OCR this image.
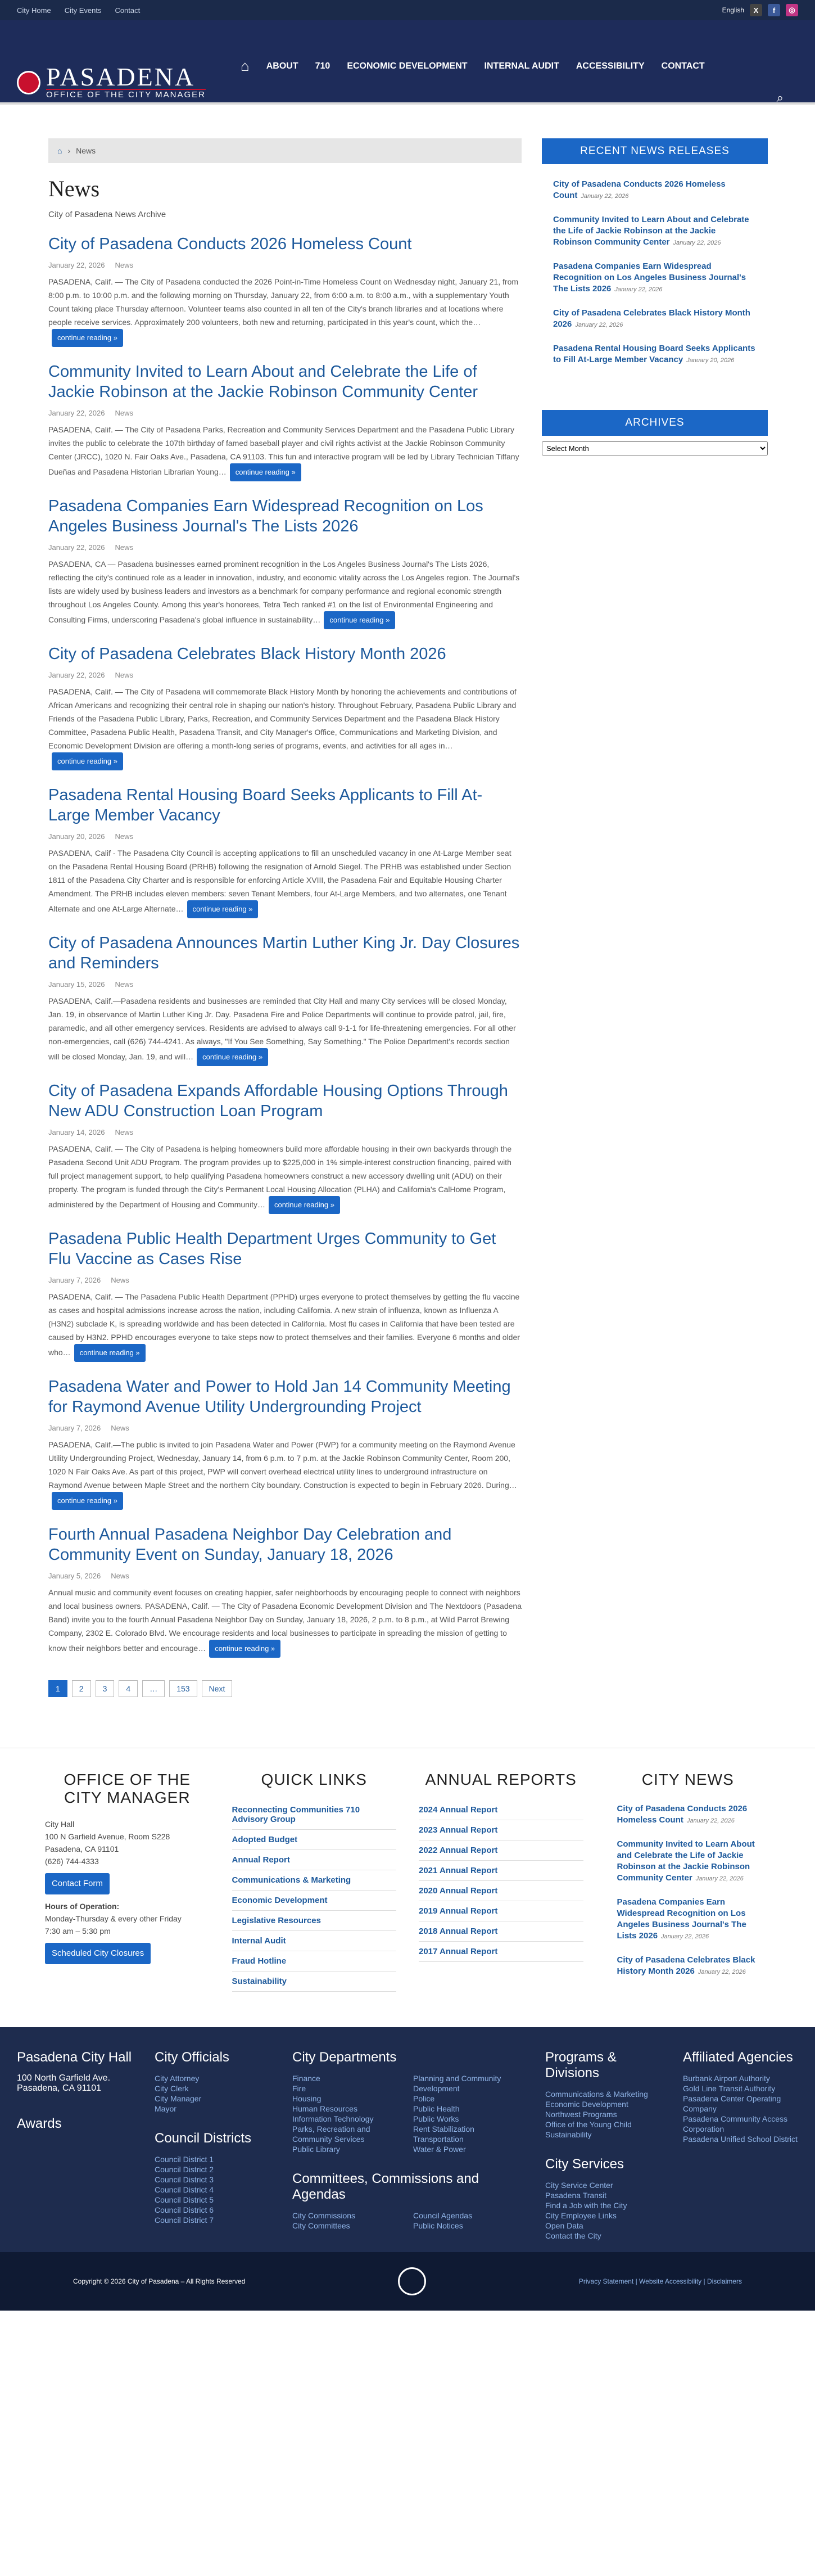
City Home City Events Contact	English	X	f	◎
PASADENA
OFFICE OF THE CITY MANAGER
⌂ ABOUT 710 ECONOMIC DEVELOPMENT INTERNAL AUDIT ACCESSIBILITY CONTACT
⌕
⌂ › News
News
City of Pasadena News Archive
City of Pasadena Conducts 2026 Homeless Count
January 22, 2026 News

PASADENA, Calif. — The City of Pasadena conducted the 2026 Point-in-Time Homeless Count on Wednesday night, January 21, from 8:00 p.m. to 10:00 p.m. and the following morning on Thursday, January 22, from 6:00 a.m. to 8:00 a.m., with a supplementary Youth Count taking place Thursday afternoon. Volunteer teams also counted in all ten of the City's branch libraries and at locations where people receive services. Approximately 200 volunteers, both new and returning, participated in this year's count, which the…continue reading »

Community Invited to Learn About and Celebrate the Life of Jackie Robinson at the Jackie Robinson Community Center
January 22, 2026 News

PASADENA, Calif. — The City of Pasadena Parks, Recreation and Community Services Department and the Pasadena Public Library invites the public to celebrate the 107th birthday of famed baseball player and civil rights activist at the Jackie Robinson Community Center (JRCC), 1020 N. Fair Oaks Ave., Pasadena, CA 91103. This fun and interactive program will be led by Library Technician Tiffany Dueñas and Pasadena Historian Librarian Young… continue reading »

Pasadena Companies Earn Widespread Recognition on Los Angeles Business Journal's The Lists 2026
January 22, 2026 News

PASADENA, CA — Pasadena businesses earned prominent recognition in the Los Angeles Business Journal's The Lists 2026, reflecting the city's continued role as a leader in innovation, industry, and economic vitality across the Los Angeles region. The Journal's lists are widely used by business leaders and investors as a benchmark for company performance and regional economic strength throughout Los Angeles County. Among this year's honorees, Tetra Tech ranked #1 on the list of Environmental Engineering and Consulting Firms, underscoring Pasadena's global influence in sustainability… continue reading »

City of Pasadena Celebrates Black History Month 2026
January 22, 2026 News

PASADENA, Calif. — The City of Pasadena will commemorate Black History Month by honoring the achievements and contributions of African Americans and recognizing their central role in shaping our nation's history. Throughout February, Pasadena Public Library and Friends of the Pasadena Public Library, Parks, Recreation, and Community Services Department and the Pasadena Black History Committee, Pasadena Public Health, Pasadena Transit, and City Manager's Office, Communications and Marketing Division, and Economic Development Division are offering a month-long series of programs, events, and activities for all ages in…continue reading »

Pasadena Rental Housing Board Seeks Applicants to Fill At-Large Member Vacancy
January 20, 2026 News

PASADENA, Calif - The Pasadena City Council is accepting applications to fill an unscheduled vacancy in one At-Large Member seat on the Pasadena Rental Housing Board (PRHB) following the resignation of Arnold Siegel. The PRHB was established under Section 1811 of the Pasadena City Charter and is responsible for enforcing Article XVIII, the Pasadena Fair and Equitable Housing Charter Amendment. The PRHB includes eleven members: seven Tenant Members, four At-Large Members, and two alternates, one Tenant Alternate and one At-Large Alternate… continue reading »

City of Pasadena Announces Martin Luther King Jr. Day Closures and Reminders
January 15, 2026 News

PASADENA, Calif.—Pasadena residents and businesses are reminded that City Hall and many City services will be closed Monday, Jan. 19, in observance of Martin Luther King Jr. Day. Pasadena Fire and Police Departments will continue to provide patrol, jail, fire, paramedic, and all other emergency services. Residents are advised to always call 9-1-1 for life-threatening emergencies. For all other non-emergencies, call (626) 744-4241. As always, "If You See Something, Say Something." The Police Department's records section will be closed Monday, Jan. 19, and will… continue reading »

City of Pasadena Expands Affordable Housing Options Through New ADU Construction Loan Program
January 14, 2026 News

PASADENA, Calif. — The City of Pasadena is helping homeowners build more affordable housing in their own backyards through the Pasadena Second Unit ADU Program. The program provides up to $225,000 in 1% simple-interest construction financing, paired with full project management support, to help qualifying Pasadena homeowners construct a new accessory dwelling unit (ADU) on their property. The program is funded through the City's Permanent Local Housing Allocation (PLHA) and California's CalHome Program, administered by the Department of Housing and Community… continue reading »

Pasadena Public Health Department Urges Community to Get Flu Vaccine as Cases Rise
January 7, 2026 News

PASADENA, Calif. — The Pasadena Public Health Department (PPHD) urges everyone to protect themselves by getting the flu vaccine as cases and hospital admissions increase across the nation, including California. A new strain of influenza, known as Influenza A (H3N2) subclade K, is spreading worldwide and has been detected in California. Most flu cases in California that have been tested are caused by H3N2. PPHD encourages everyone to take steps now to protect themselves and their families. Everyone 6 months and older who… continue reading »

Pasadena Water and Power to Hold Jan 14 Community Meeting for Raymond Avenue Utility Undergrounding Project
January 7, 2026 News

PASADENA, Calif.—The public is invited to join Pasadena Water and Power (PWP) for a community meeting on the Raymond Avenue Utility Undergrounding Project, Wednesday, January 14, from 6 p.m. to 7 p.m. at the Jackie Robinson Community Center, Room 200, 1020 N Fair Oaks Ave. As part of this project, PWP will convert overhead electrical utility lines to underground infrastructure on Raymond Avenue between Maple Street and the northern City boundary. Construction is expected to begin in February 2026. During…continue reading »

Fourth Annual Pasadena Neighbor Day Celebration and Community Event on Sunday, January 18, 2026
January 5, 2026 News

Annual music and community event focuses on creating happier, safer neighborhoods by encouraging people to connect with neighbors and local business owners. PASADENA, Calif. — The City of Pasadena Economic Development Division and The Nextdoors (Pasadena Band) invite you to the fourth Annual Pasadena Neighbor Day on Sunday, January 18, 2026, 2 p.m. to 8 p.m., at Wild Parrot Brewing Company, 2302 E. Colorado Blvd. We encourage residents and local businesses to participate in spreading the mission of getting to know their neighbors better and encourage… continue reading »

1	2	3	4	…	153	Next
RECENT NEWS RELEASES
City of Pasadena Conducts 2026 Homeless Count January 22, 2026
Community Invited to Learn About and Celebrate the Life of Jackie Robinson at the Jackie Robinson Community Center January 22, 2026
Pasadena Companies Earn Widespread Recognition on Los Angeles Business Journal's The Lists 2026 January 22, 2026
City of Pasadena Celebrates Black History Month 2026 January 22, 2026
Pasadena Rental Housing Board Seeks Applicants to Fill At-Large Member Vacancy January 20, 2026
ARCHIVES
Select Month
OFFICE OF THE CITY MANAGER
City Hall
100 N Garfield Avenue, Room S228
Pasadena, CA 91101
(626) 744-4333
Contact Form
Hours of Operation:
Monday-Thursday & every other Friday
7:30 am – 5:30 pm
Scheduled City Closures
QUICK LINKS
Reconnecting Communities 710 Advisory Group
Adopted Budget
Annual Report
Communications & Marketing
Economic Development
Legislative Resources
Internal Audit
Fraud Hotline
Sustainability
ANNUAL REPORTS
2024 Annual Report
2023 Annual Report
2022 Annual Report
2021 Annual Report
2020 Annual Report
2019 Annual Report
2018 Annual Report
2017 Annual Report
CITY NEWS
City of Pasadena Conducts 2026 Homeless Count January 22, 2026
Community Invited to Learn About and Celebrate the Life of Jackie Robinson at the Jackie Robinson Community Center January 22, 2026
Pasadena Companies Earn Widespread Recognition on Los Angeles Business Journal's The Lists 2026 January 22, 2026
City of Pasadena Celebrates Black History Month 2026 January 22, 2026
Pasadena City Hall
100 North Garfield Ave.
Pasadena, CA 91101
Awards
City Officials
City Attorney
City Clerk
City Manager
Mayor
Council Districts
Council District 1
Council District 2
Council District 3
Council District 4
Council District 5
Council District 6
Council District 7
City Departments
Finance
Fire
Housing
Human Resources
Information Technology
Parks, Recreation and Community Services
Public Library
Planning and Community Development
Police
Public Health
Public Works
Rent Stabilization
Transportation
Water & Power
Committees, Commissions and Agendas
City Commissions
City Committees
Council Agendas
Public Notices
Programs & Divisions
Communications & Marketing
Economic Development
Northwest Programs
Office of the Young Child
Sustainability
City Services
City Service Center
Pasadena Transit
Find a Job with the City
City Employee Links
Open Data
Contact the City
Affiliated Agencies
Burbank Airport Authority
Gold Line Transit Authority
Pasadena Center Operating Company
Pasadena Community Access Corporation
Pasadena Unified School District
Copyright © 2026 City of Pasadena – All Rights Reserved	Privacy Statement | Website Accessibility | Disclaimers
